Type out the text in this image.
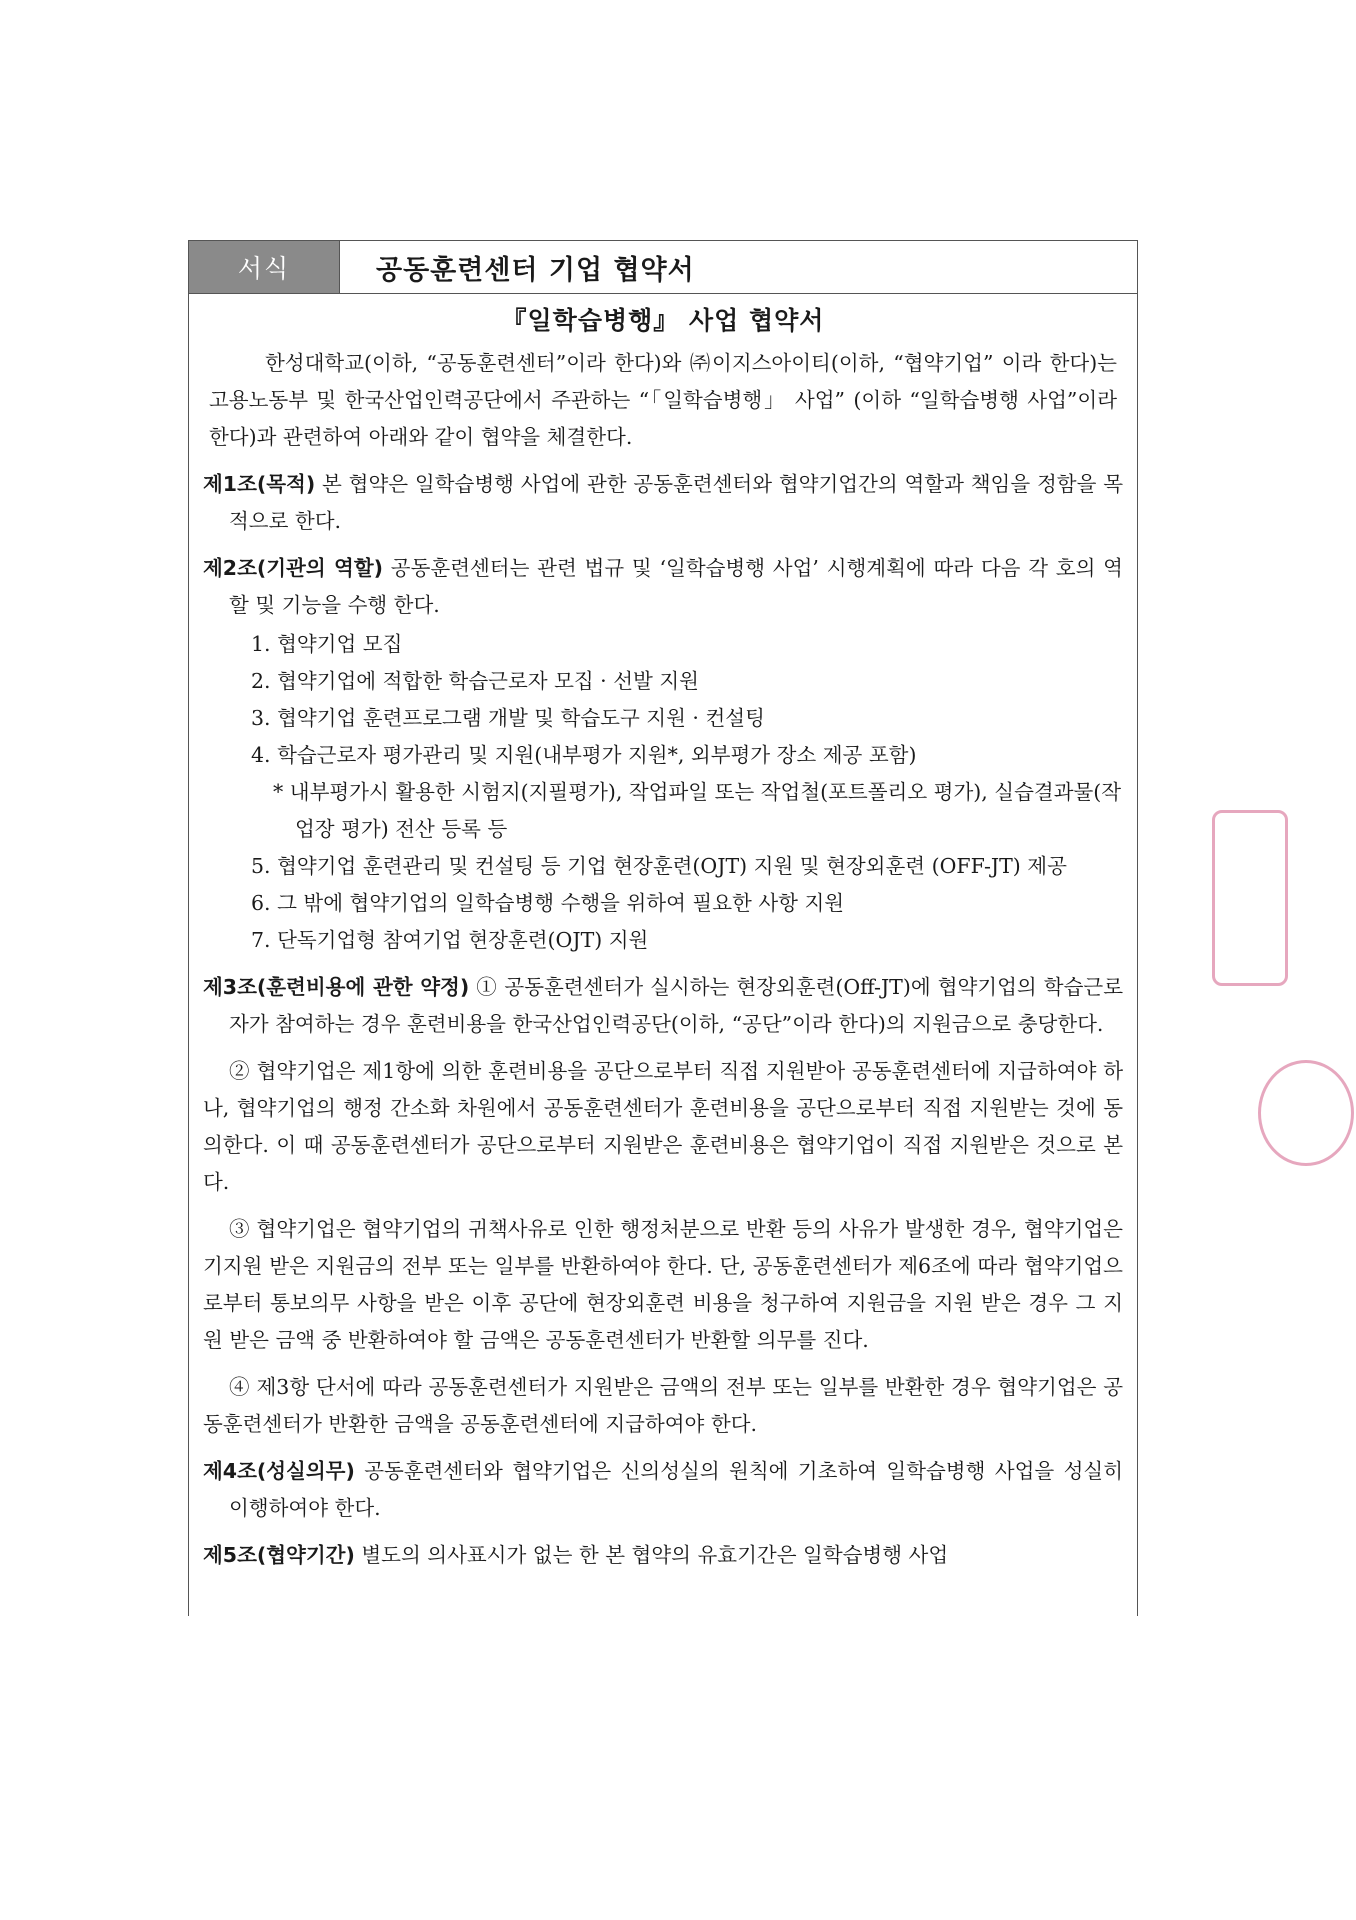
서식	공동훈련센터 기업 협약서
『일학습병행』 사업 협약서

한성대학교(이하, “공동훈련센터”이라 한다)와 ㈜이지스아이티(이하, “협약기업” 이라 한다)는 고용노동부 및 한국산업인력공단에서 주관하는 “「일학습병행」 사업” (이하 “일학습병행 사업”이라 한다)과 관련하여 아래와 같이 협약을 체결한다.

제1조(목적) 본 협약은 일학습병행 사업에 관한 공동훈련센터와 협약기업간의 역할과 책임을 정함을 목적으로 한다.

제2조(기관의 역할) 공동훈련센터는 관련 법규 및 ‘일학습병행 사업’ 시행계획에 따라 다음 각 호의 역할 및 기능을 수행 한다.

1. 협약기업 모집
2. 협약기업에 적합한 학습근로자 모집 · 선발 지원
3. 협약기업 훈련프로그램 개발 및 학습도구 지원 · 컨설팅
4. 학습근로자 평가관리 및 지원(내부평가 지원*, 외부평가 장소 제공 포함)
* 내부평가시 활용한 시험지(지필평가), 작업파일 또는 작업철(포트폴리오 평가), 실습결과물(작업장 평가) 전산 등록 등
5. 협약기업 훈련관리 및 컨설팅 등 기업 현장훈련(OJT) 지원 및 현장외훈련 (OFF-JT) 제공
6. 그 밖에 협약기업의 일학습병행 수행을 위하여 필요한 사항 지원
7. 단독기업형 참여기업 현장훈련(OJT) 지원

제3조(훈련비용에 관한 약정) ① 공동훈련센터가 실시하는 현장외훈련(Off-JT)에 협약기업의 학습근로자가 참여하는 경우 훈련비용을 한국산업인력공단(이하, “공단”이라 한다)의 지원금으로 충당한다.

② 협약기업은 제1항에 의한 훈련비용을 공단으로부터 직접 지원받아 공동훈련센터에 지급하여야 하나, 협약기업의 행정 간소화 차원에서 공동훈련센터가 훈련비용을 공단으로부터 직접 지원받는 것에 동의한다. 이 때 공동훈련센터가 공단으로부터 지원받은 훈련비용은 협약기업이 직접 지원받은 것으로 본다.

③ 협약기업은 협약기업의 귀책사유로 인한 행정처분으로 반환 등의 사유가 발생한 경우, 협약기업은 기지원 받은 지원금의 전부 또는 일부를 반환하여야 한다. 단, 공동훈련센터가 제6조에 따라 협약기업으로부터 통보의무 사항을 받은 이후 공단에 현장외훈련 비용을 청구하여 지원금을 지원 받은 경우 그 지원 받은 금액 중 반환하여야 할 금액은 공동훈련센터가 반환할 의무를 진다.

④ 제3항 단서에 따라 공동훈련센터가 지원받은 금액의 전부 또는 일부를 반환한 경우 협약기업은 공동훈련센터가 반환한 금액을 공동훈련센터에 지급하여야 한다.

제4조(성실의무) 공동훈련센터와 협약기업은 신의성실의 원칙에 기초하여 일학습병행 사업을 성실히 이행하여야 한다.

제5조(협약기간) 별도의 의사표시가 없는 한 본 협약의 유효기간은 일학습병행 사업
